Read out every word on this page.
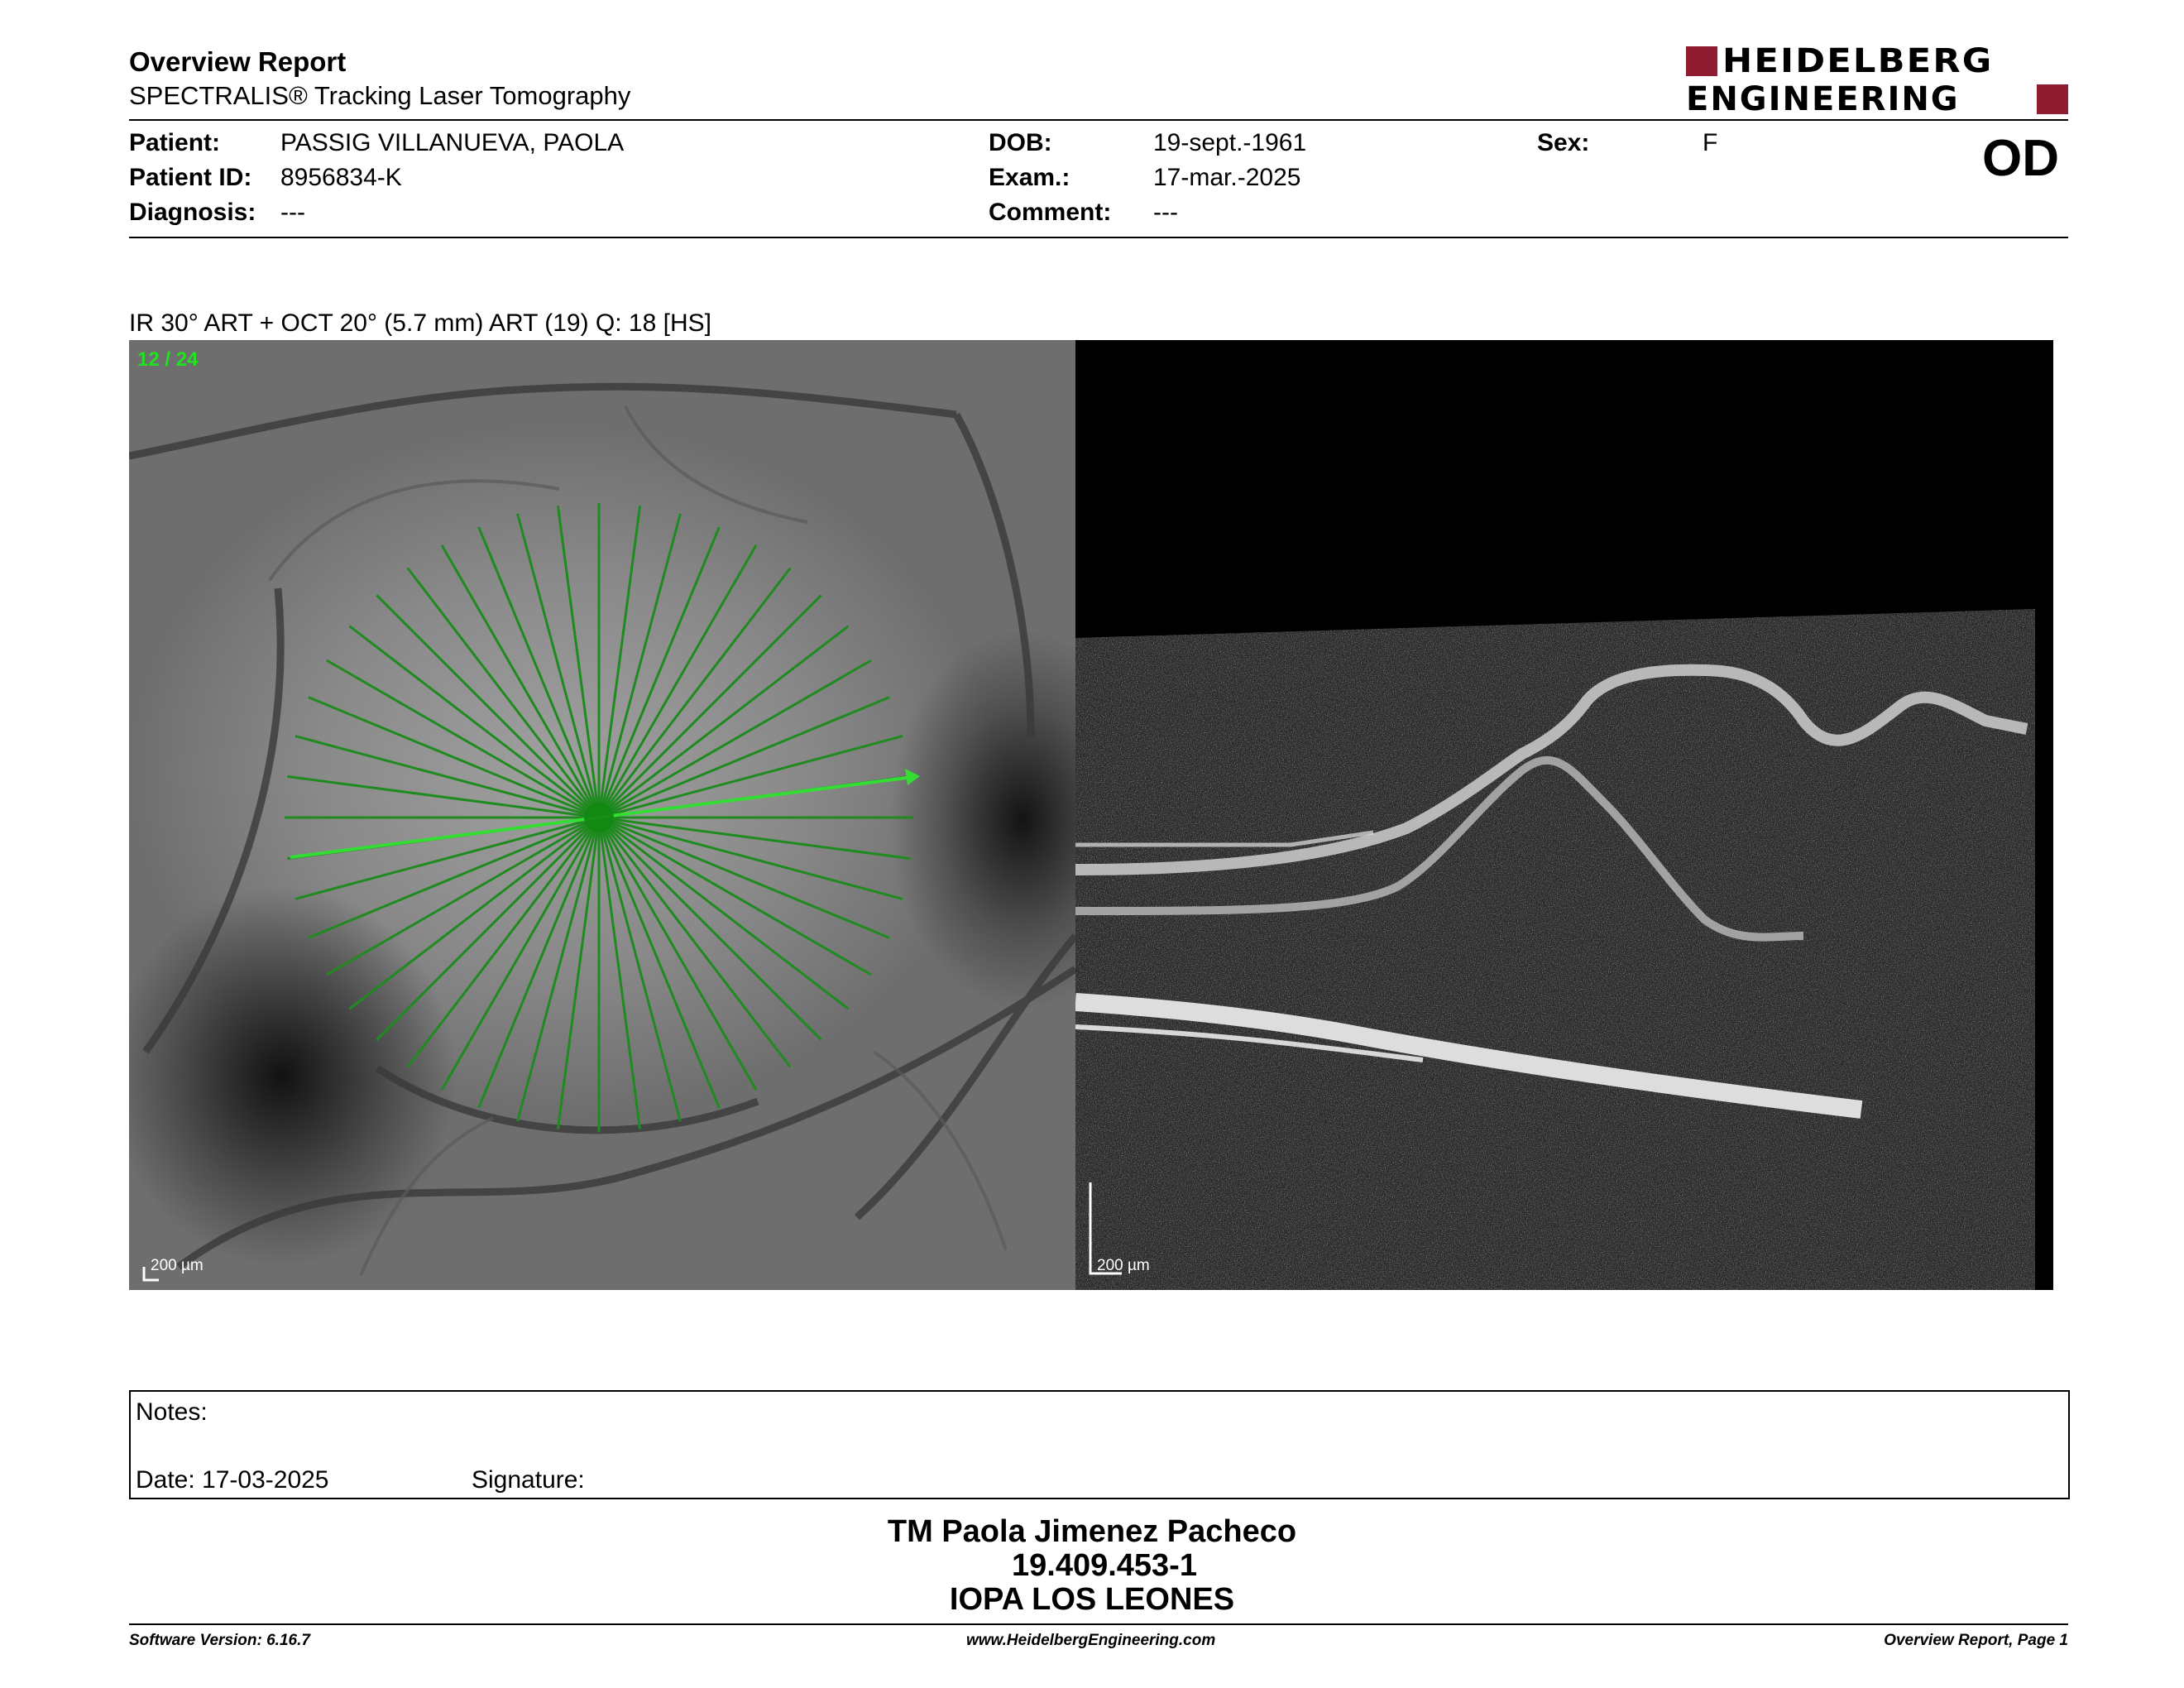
Overview Report
SPECTRALIS® Tracking Laser Tomography
HEIDELBERG
ENGINEERING
Patient: PASSIG VILLANUEVA, PAOLA
Patient ID: 8956834-K
Diagnosis: ---
DOB:	19-sept.-1961
Exam.:	17-mar.-2025
Comment: ---
Sex:	F	OD
IR 30° ART + OCT 20° (5.7 mm) ART (19) Q: 18 [HS]
12 / 24
200 µm	200 µm
Notes:
Date: 17-03-2025	Signature:
TM Paola Jimenez Pacheco
19.409.453-1
IOPA LOS LEONES
Software Version: 6.16.7	www.HeidelbergEngineering.com	Overview Report, Page 1
